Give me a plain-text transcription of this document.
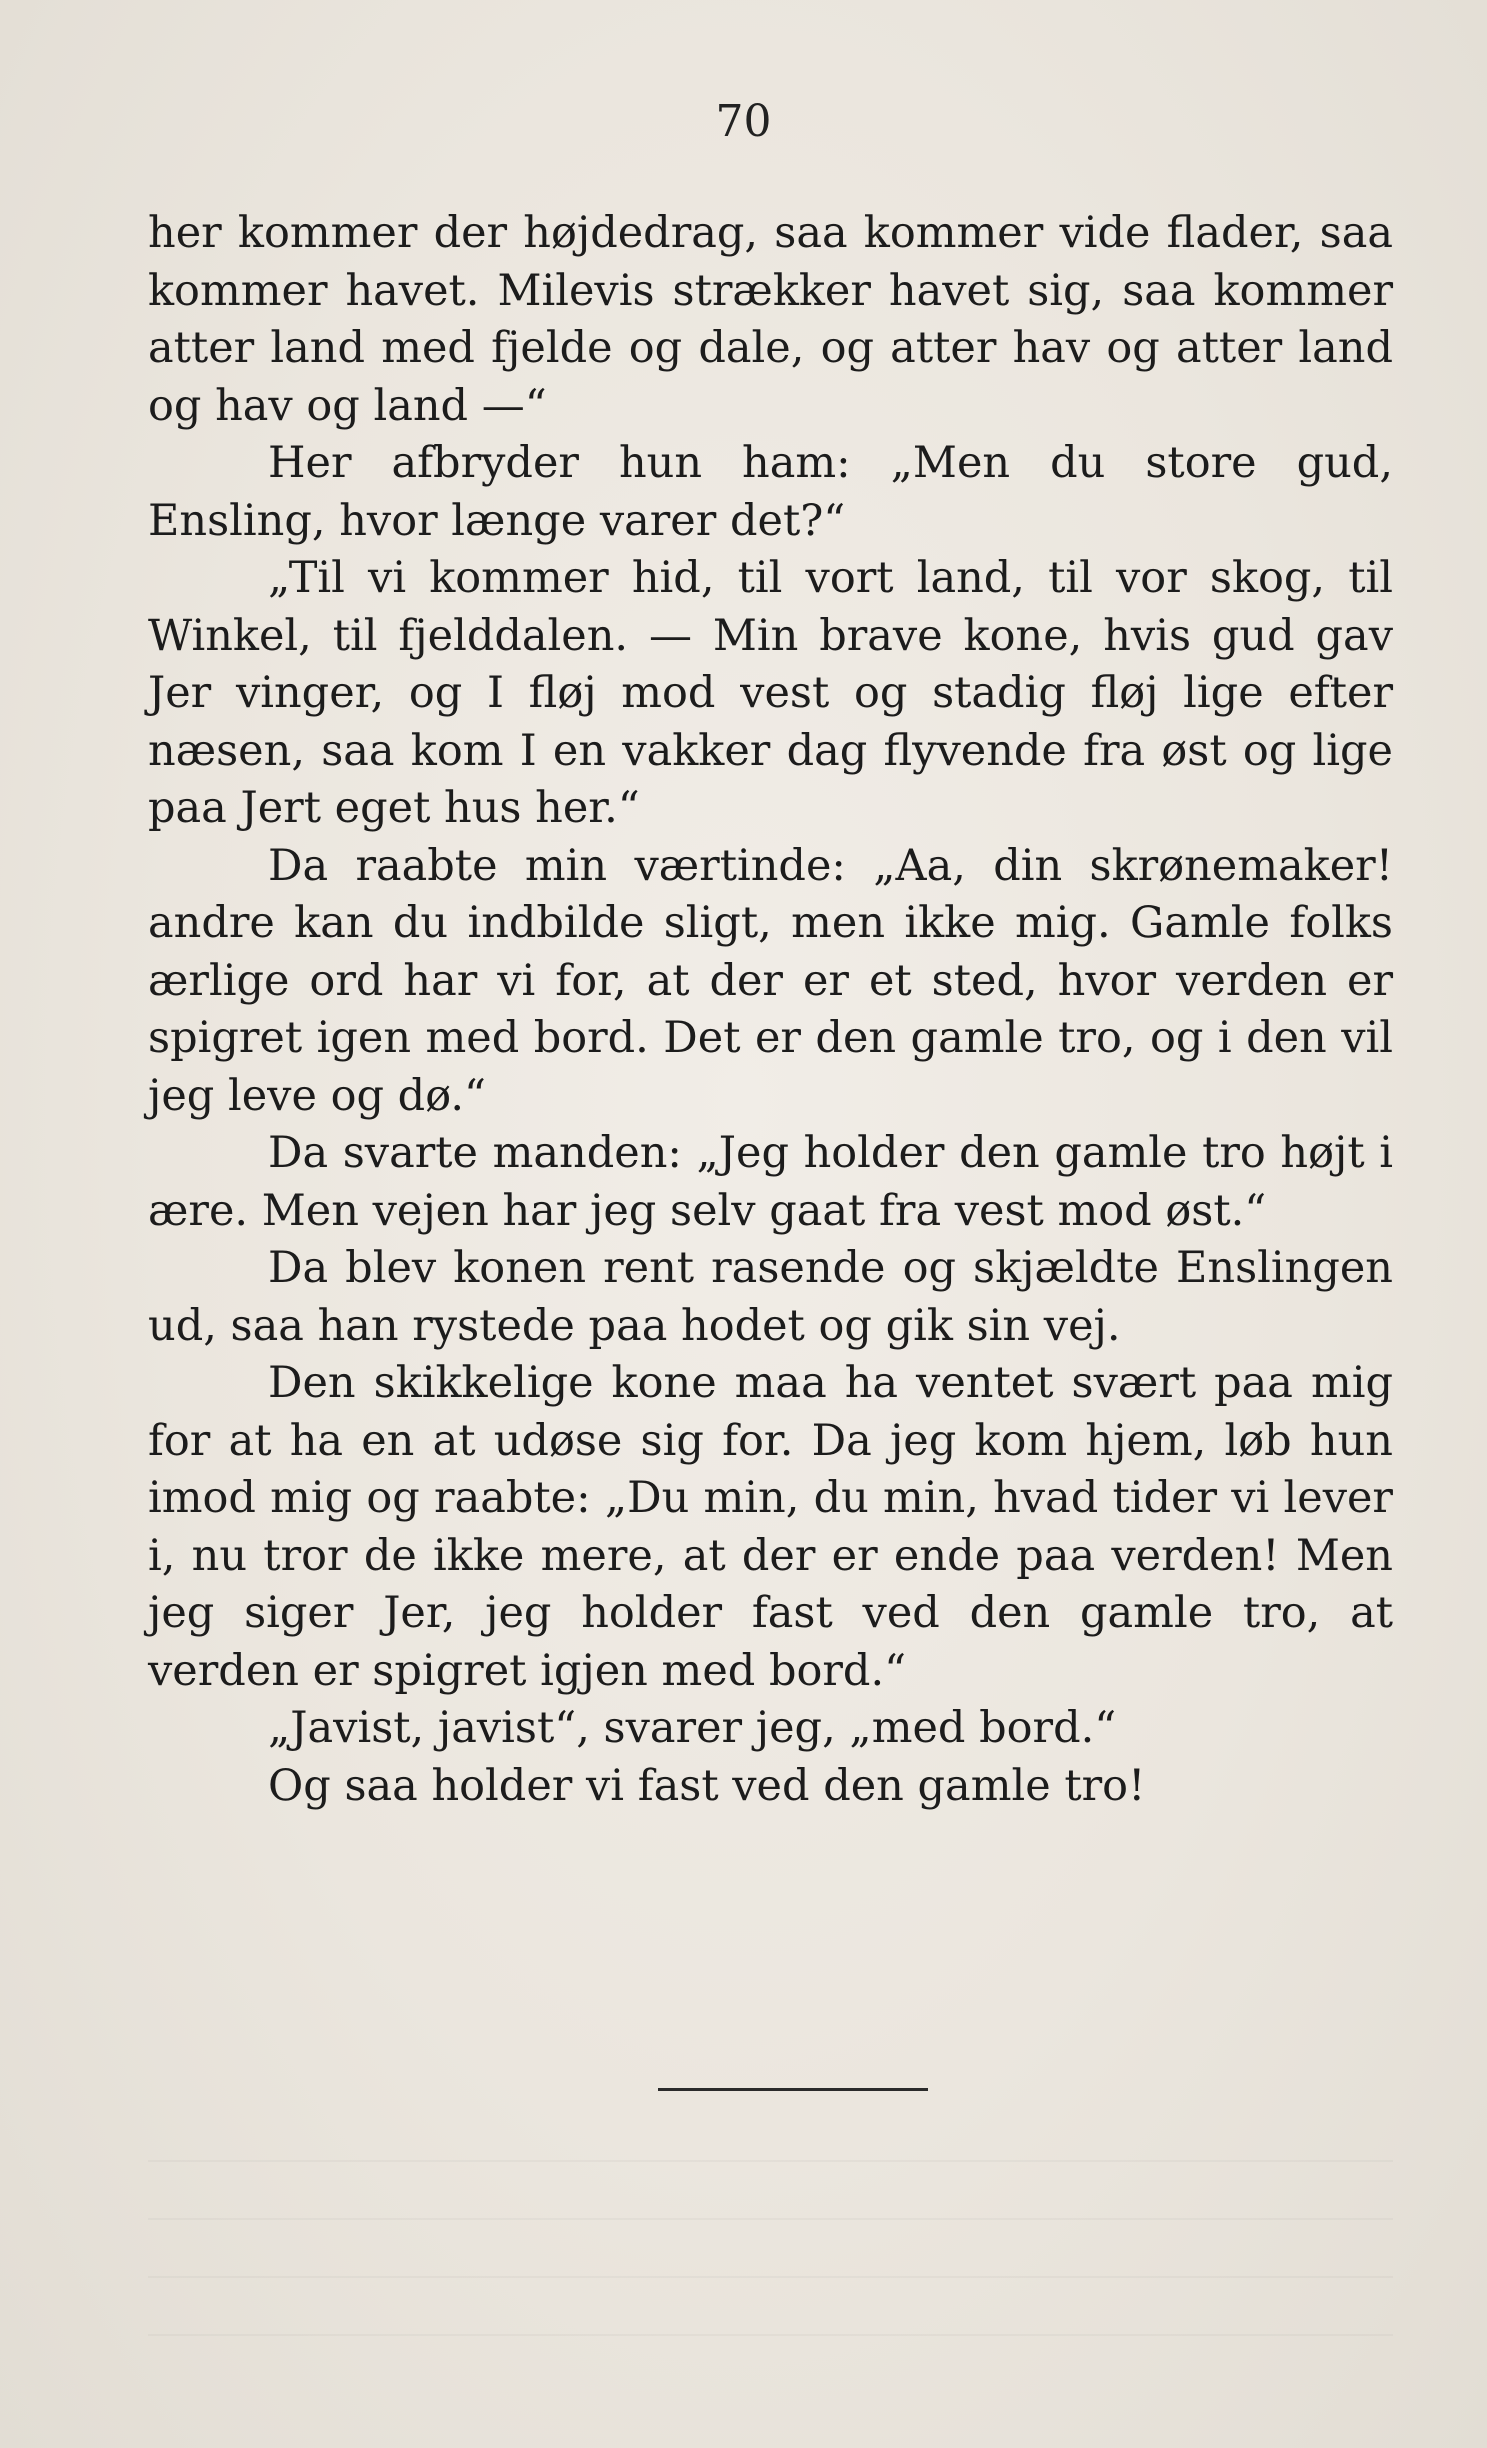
70

her kommer der højdedrag, saa kommer vide flader, saa kommer havet. Milevis strækker havet sig, saa kommer atter land med fjelde og dale, og atter hav og atter land og hav og land —“

Her afbryder hun ham: „Men du store gud, Ensling, hvor længe varer det?“

„Til vi kommer hid, til vort land, til vor skog, til Winkel, til fjelddalen. — Min brave kone, hvis gud gav Jer vinger, og I fløj mod vest og stadig fløj lige efter næsen, saa kom I en vakker dag flyvende fra øst og lige paa Jert eget hus her.“

Da raabte min værtinde: „Aa, din skrønemaker! andre kan du indbilde sligt, men ikke mig. Gamle folks ærlige ord har vi for, at der er et sted, hvor verden er spigret igen med bord. Det er den gamle tro, og i den vil jeg leve og dø.“

Da svarte manden: „Jeg holder den gamle tro højt i ære. Men vejen har jeg selv gaat fra vest mod øst.“

Da blev konen rent rasende og skjældte Enslingen ud, saa han rystede paa hodet og gik sin vej.

Den skikkelige kone maa ha ventet svært paa mig for at ha en at udøse sig for. Da jeg kom hjem, løb hun imod mig og raabte: „Du min, du min, hvad tider vi lever i, nu tror de ikke mere, at der er ende paa verden! Men jeg siger Jer, jeg holder fast ved den gamle tro, at verden er spigret igjen med bord.“

„Javist, javist“, svarer jeg, „med bord.“

Og saa holder vi fast ved den gamle tro!
